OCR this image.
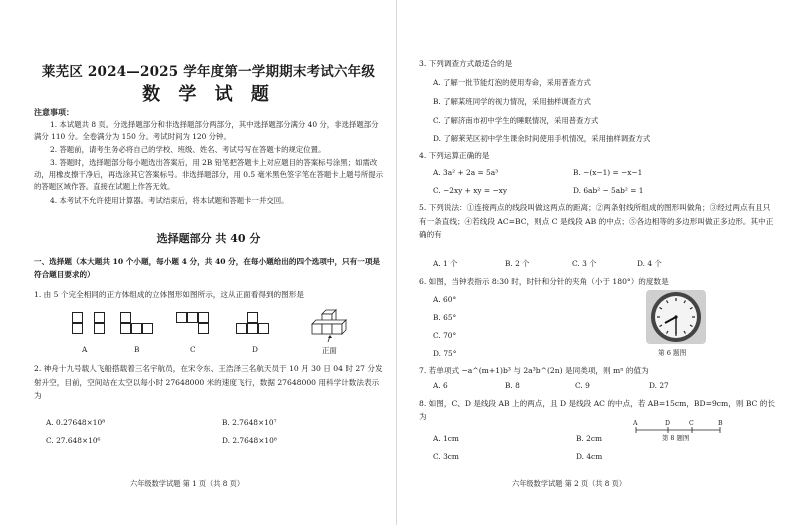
莱芜区 2024—2025 学年度第一学期期末考试六年级
数 学 试 题
注意事项：
1. 本试题共 8 页。分选择题部分和非选择题部分两部分，其中选择题部分满分 40 分，非选择题部分满分 110 分。全卷满分为 150 分。考试时间为 120 分钟。
2. 答题前，请考生务必将自己的学校、班级、姓名、考试号写在答题卡的规定位置。
3. 答题时，选择题部分每小题选出答案后，用 2B 铅笔把答题卡上对应题目的答案标号涂黑；如需改动，用橡皮擦干净后，再选涂其它答案标号。非选择题部分，用 0.5 毫米黑色签字笔在答题卡上题号所提示的答题区域作答。直接在试题上作答无效。
4. 本考试不允许使用计算器。考试结束后，将本试题和答题卡一并交回。
选择题部分 共 40 分
一、选择题（本大题共 10 个小题，每小题 4 分，共 40 分，在每小题给出的四个选项中，只有一项是符合题目要求的）
1. 由 5 个完全相同的正方体组成的立体图形如图所示，这从正面看得到的图形是
A	B	C	D	正面
2. 神舟十九号载人飞船搭载着三名宇航员，在宋令东、王浩泽三名航天员于 10 月 30 日 04 时 27 分发射升空，目前，空间站在太空以每小时 27648000 米的速度飞行，数据 27648000 用科学计数法表示为
A. 0.27648×10⁸	B. 2.7648×10⁷
C. 27.648×10⁶	D. 2.7648×10⁸
六年级数学试题 第 1 页（共 8 页）
3. 下列调查方式最适合的是
A. 了解一批节能灯泡的使用寿命，采用普查方式
B. 了解某班同学的视力情况，采用抽样调查方式
C. 了解济南市初中学生的睡眠情况，采用普查方式
D. 了解莱芜区初中学生课余时间使用手机情况，采用抽样调查方式
4. 下列运算正确的是
A. 3a² + 2a = 5a³	B. −(x−1) = −x−1
C. −2xy + xy = −xy	D. 6ab² − 5ab² = 1
5. 下列说法：①连接两点的线段叫做这两点的距离；②两条射线所组成的图形叫做角；③经过两点有且只有一条直线；④若线段 AC=BC，则点 C 是线段 AB 的中点；⑤各边相等的多边形叫做正多边形。其中正确的有
A. 1 个	B. 2 个	C. 3 个	D. 4 个
6. 如图，当钟表指示 8:30 时，时针和分针的夹角（小于 180°）的度数是
A. 60°
B. 65°
C. 70°
D. 75°	第 6 题图
7. 若单项式 −a^(m+1)b³ 与 2a³b^(2n) 是同类项，则 mⁿ 的值为
A. 6	B. 8	C. 9	D. 27
8. 如图，C、D 是线段 AB 上的两点，且 D 是线段 AC 的中点，若 AB=15cm，BD=9cm，则 BC 的长为
A. 1cm	B. 2cm
C. 3cm	D. 4cm
A	D	C	B
第 8 题图
六年级数学试题 第 2 页（共 8 页）
